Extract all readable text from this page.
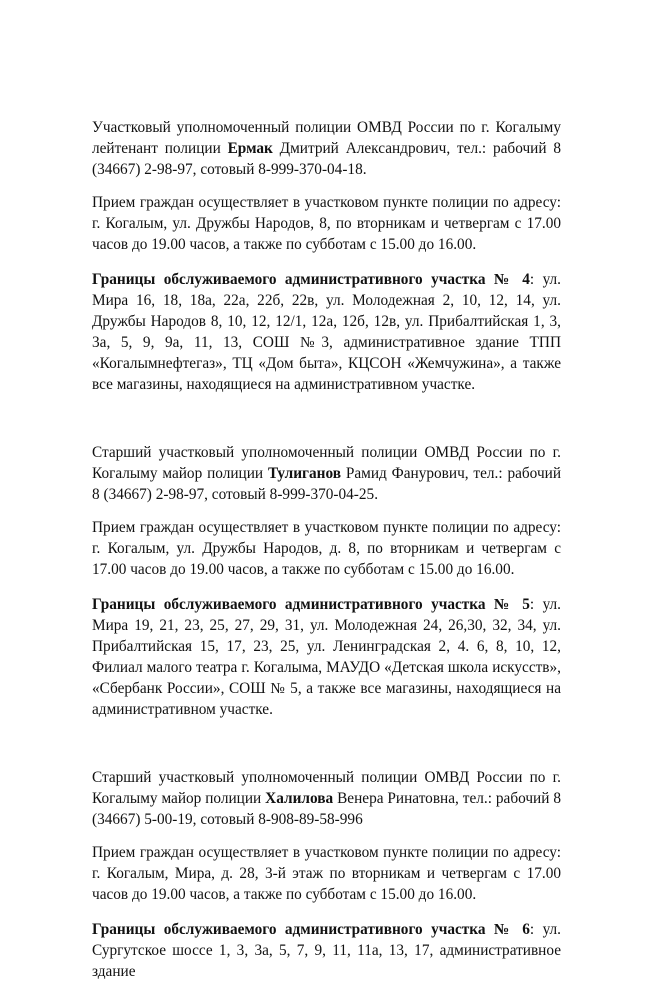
Участковый уполномоченный полиции ОМВД России по г. Когалыму лейтенант полиции Ермак Дмитрий Александрович, тел.: рабочий 8 (34667) 2-98-97, сотовый 8-999-370-04-18.

Прием граждан осуществляет в участковом пункте полиции по адресу: г. Когалым, ул. Дружбы Народов, 8, по вторникам и четвергам с 17.00 часов до 19.00 часов, а также по субботам с 15.00 до 16.00.

Границы обслуживаемого административного участка № 4: ул. Мира 16, 18, 18а, 22а, 22б, 22в, ул. Молодежная 2, 10, 12, 14, ул. Дружбы Народов 8, 10, 12, 12/1, 12а, 12б, 12в, ул. Прибалтийская 1, 3, 3а, 5, 9, 9а, 11, 13, СОШ №3, административное здание ТПП «Когалымнефтегаз», ТЦ «Дом быта», КЦСОН «Жемчужина», а также все магазины, находящиеся на административном участке.

Старший участковый уполномоченный полиции ОМВД России по г. Когалыму майор полиции Тулиганов Рамид Фанурович, тел.: рабочий 8 (34667) 2-98-97, сотовый 8-999-370-04-25.

Прием граждан осуществляет в участковом пункте полиции по адресу: г. Когалым, ул. Дружбы Народов, д. 8, по вторникам и четвергам с 17.00 часов до 19.00 часов, а также по субботам с 15.00 до 16.00.

Границы обслуживаемого административного участка № 5: ул. Мира 19, 21, 23, 25, 27, 29, 31, ул. Молодежная 24, 26,30, 32, 34, ул. Прибалтийская 15, 17, 23, 25, ул. Ленинградская 2, 4. 6, 8, 10, 12, Филиал малого театра г. Когалыма, МАУДО «Детская школа искусств», «Сбербанк России», СОШ № 5, а также все магазины, находящиеся на административном участке.

Старший участковый уполномоченный полиции ОМВД России по г. Когалыму майор полиции Халилова Венера Ринатовна, тел.: рабочий 8 (34667) 5-00-19, сотовый 8-908-89-58-996

Прием граждан осуществляет в участковом пункте полиции по адресу: г. Когалым, Мира, д. 28, 3-й этаж по вторникам и четвергам с 17.00 часов до 19.00 часов, а также по субботам с 15.00 до 16.00.

Границы обслуживаемого административного участка № 6: ул. Сургутское шоссе 1, 3, 3а, 5, 7, 9, 11, 11а, 13, 17, административное здание
